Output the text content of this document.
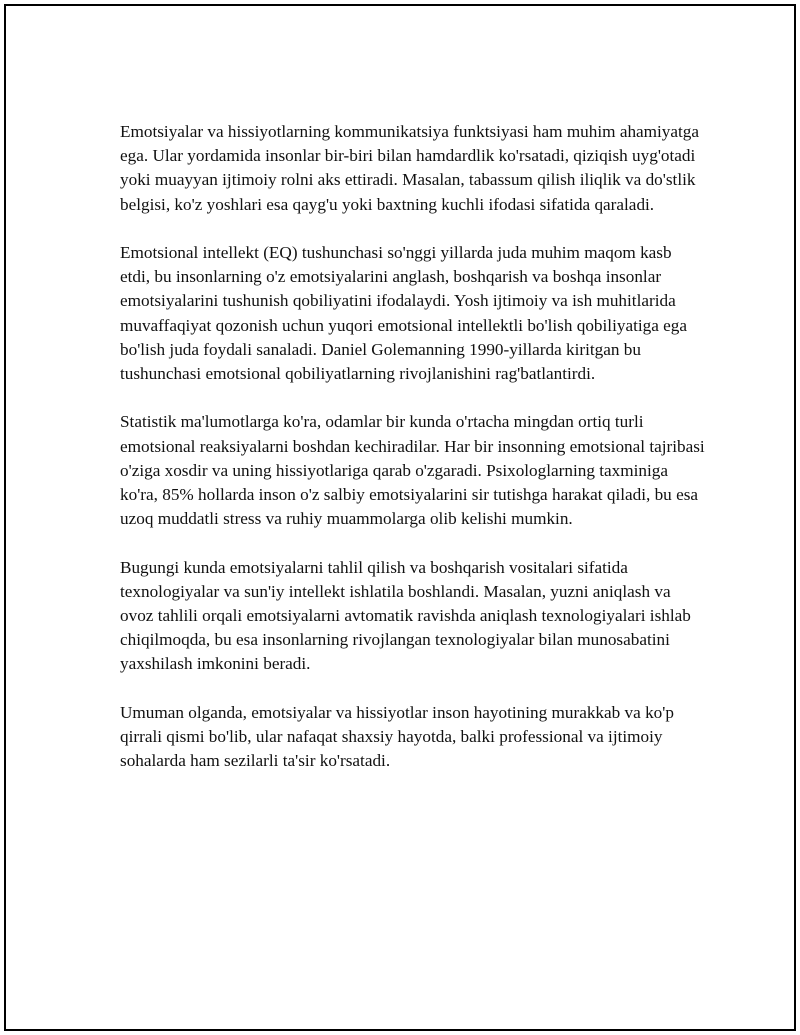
Emotsiyalar va hissiyotlarning kommunikatsiya funktsiyasi ham muhim ahamiyatga ega. Ular yordamida insonlar bir-biri bilan hamdardlik ko'rsatadi, qiziqish uyg'otadi yoki muayyan ijtimoiy rolni aks ettiradi. Masalan, tabassum qilish iliqlik va do'stlik belgisi, ko'z yoshlari esa qayg'u yoki baxtning kuchli ifodasi sifatida qaraladi.

Emotsional intellekt (EQ) tushunchasi so'nggi yillarda juda muhim maqom kasb etdi, bu insonlarning o'z emotsiyalarini anglash, boshqarish va boshqa insonlar emotsiyalarini tushunish qobiliyatini ifodalaydi. Yosh ijtimoiy va ish muhitlarida muvaffaqiyat qozonish uchun yuqori emotsional intellektli bo'lish qobiliyatiga ega bo'lish juda foydali sanaladi. Daniel Golemanning 1990-yillarda kiritgan bu tushunchasi emotsional qobiliyatlarning rivojlanishini rag'batlantirdi.

Statistik ma'lumotlarga ko'ra, odamlar bir kunda o'rtacha mingdan ortiq turli emotsional reaksiyalarni boshdan kechiradilar. Har bir insonning emotsional tajribasi o'ziga xosdir va uning hissiyotlariga qarab o'zgaradi. Psixologlarning taxminiga ko'ra, 85% hollarda inson o'z salbiy emotsiyalarini sir tutishga harakat qiladi, bu esa uzoq muddatli stress va ruhiy muammolarga olib kelishi mumkin.

Bugungi kunda emotsiyalarni tahlil qilish va boshqarish vositalari sifatida texnologiyalar va sun'iy intellekt ishlatila boshlandi. Masalan, yuzni aniqlash va ovoz tahlili orqali emotsiyalarni avtomatik ravishda aniqlash texnologiyalari ishlab chiqilmoqda, bu esa insonlarning rivojlangan texnologiyalar bilan munosabatini yaxshilash imkonini beradi.

Umuman olganda, emotsiyalar va hissiyotlar inson hayotining murakkab va ko'p qirrali qismi bo'lib, ular nafaqat shaxsiy hayotda, balki professional va ijtimoiy sohalarda ham sezilarli ta'sir ko'rsatadi.
